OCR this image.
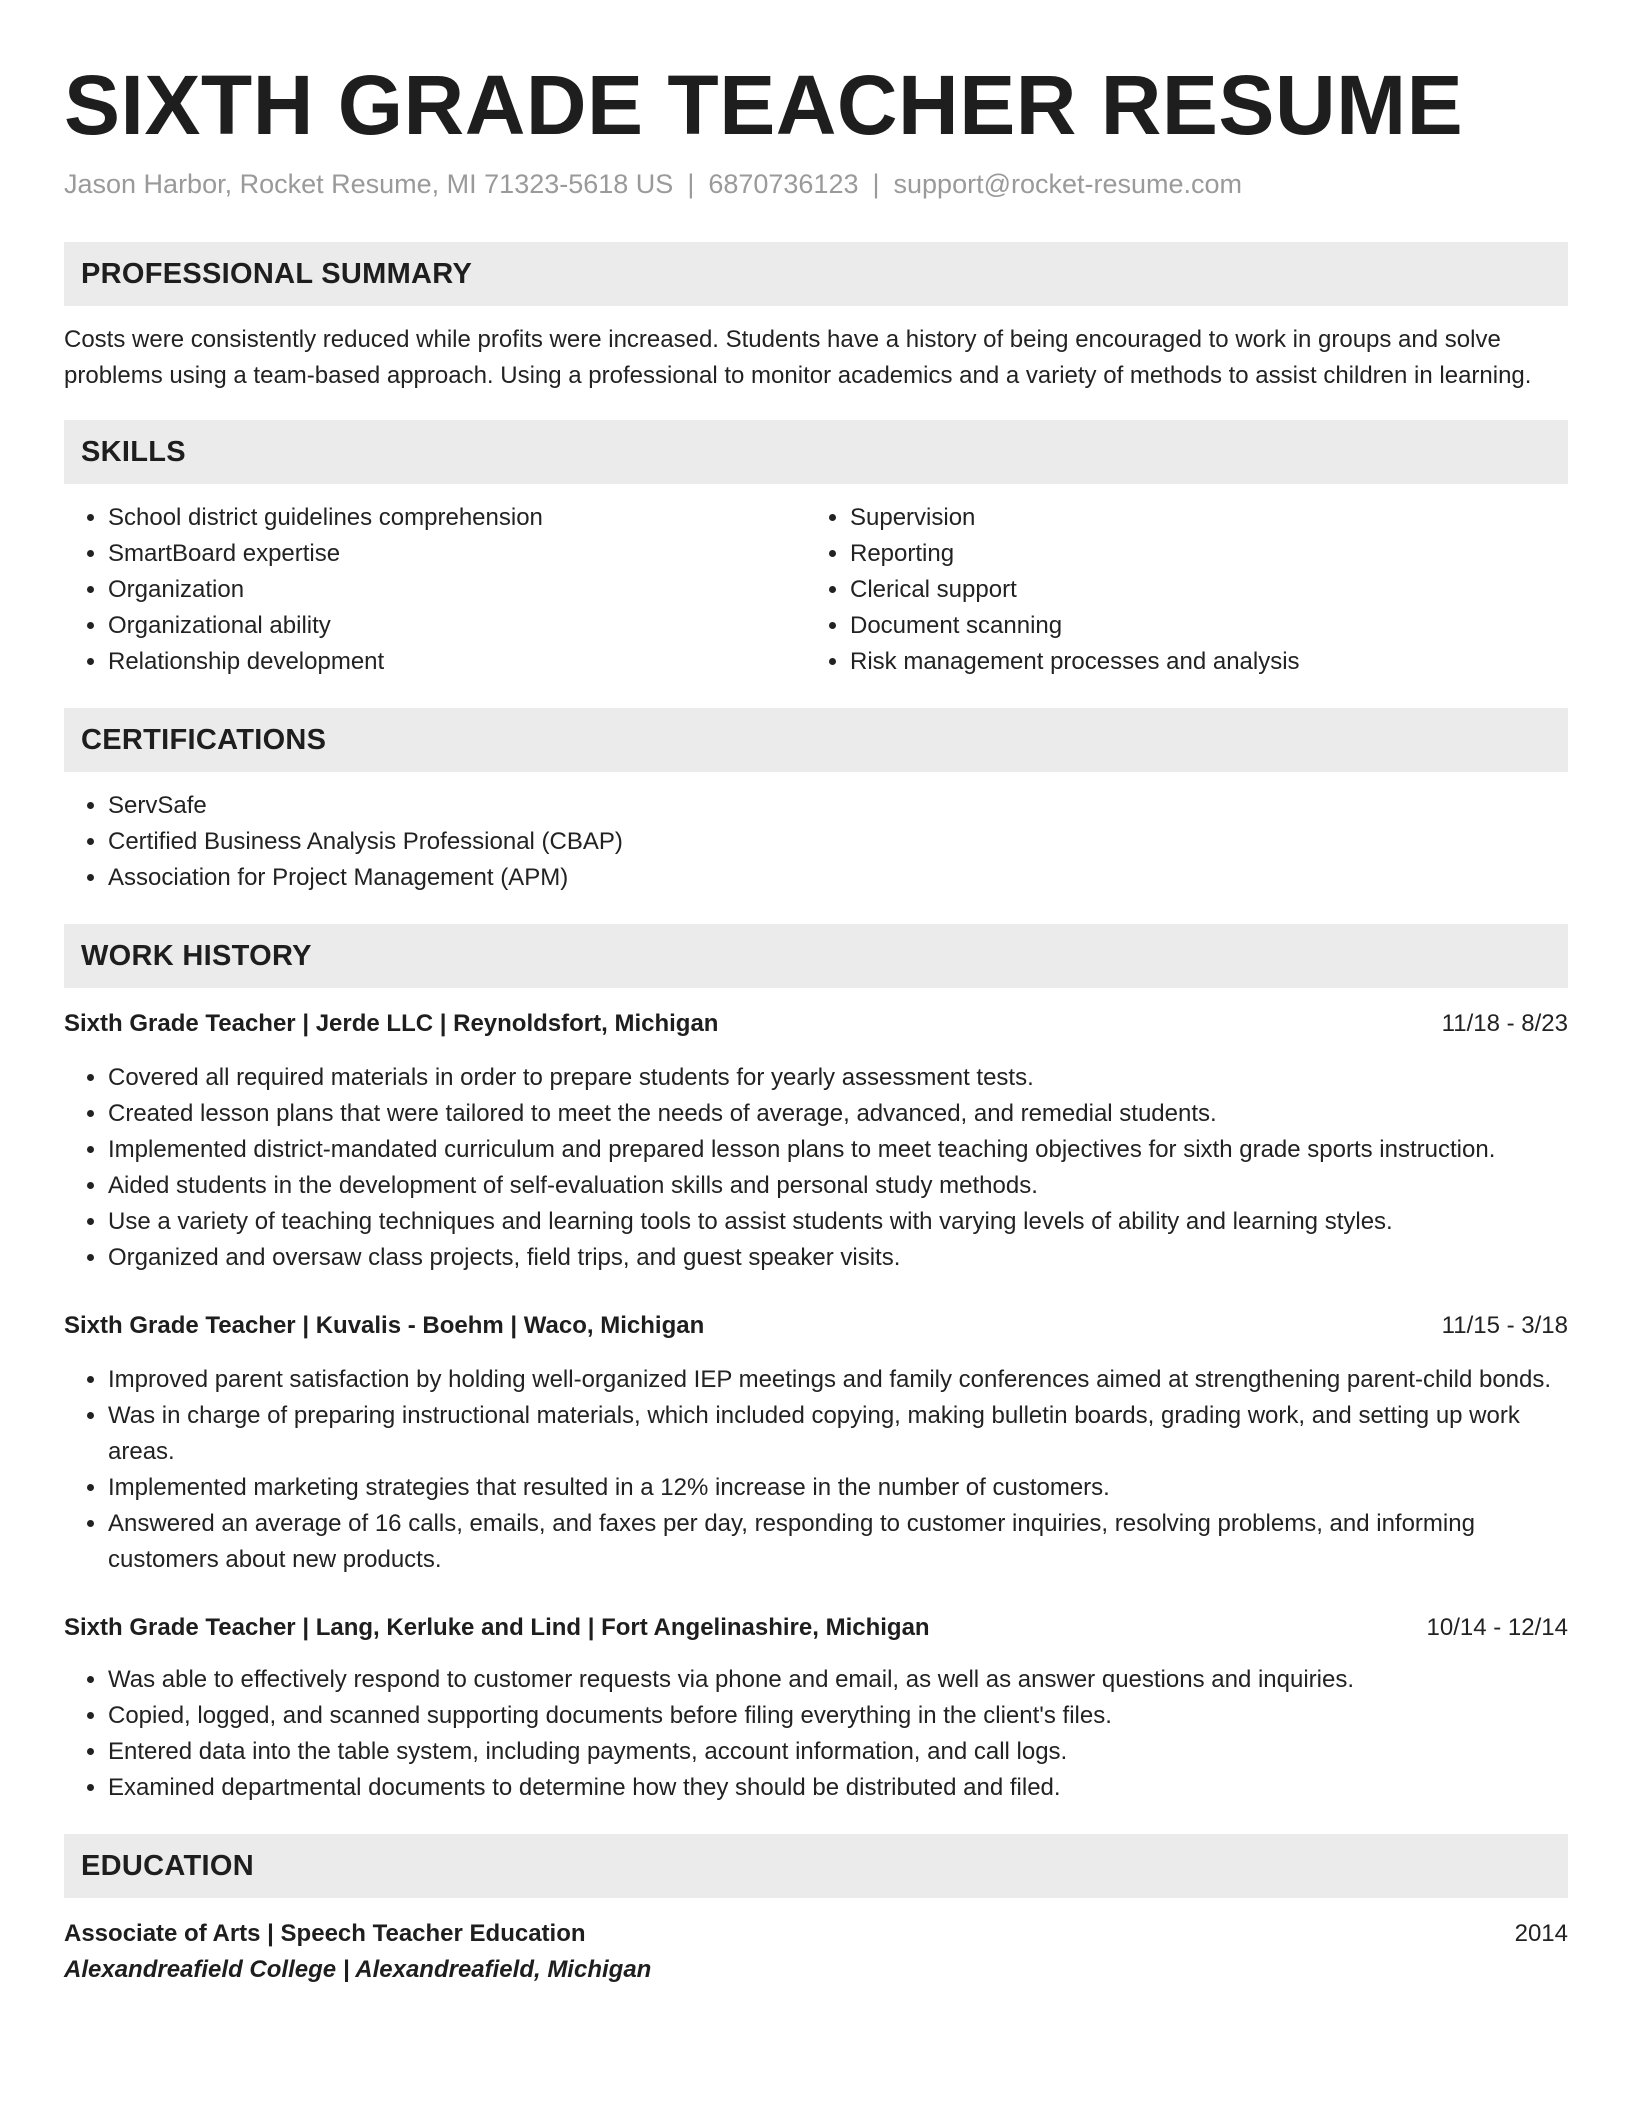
SIXTH GRADE TEACHER RESUME
Jason Harbor, Rocket Resume, MI 71323-5618 US | 6870736123 | support@rocket-resume.com
PROFESSIONAL SUMMARY
Costs were consistently reduced while profits were increased. Students have a history of being encouraged to work in groups and solve problems using a team-based approach. Using a professional to monitor academics and a variety of methods to assist children in learning.
SKILLS
• School district guidelines comprehension
• SmartBoard expertise
• Organization
• Organizational ability
• Relationship development
• Supervision
• Reporting
• Clerical support
• Document scanning
• Risk management processes and analysis
CERTIFICATIONS
• ServSafe
• Certified Business Analysis Professional (CBAP)
• Association for Project Management (APM)
WORK HISTORY
Sixth Grade Teacher | Jerde LLC | Reynoldsfort, Michigan	11/18 - 8/23
• Covered all required materials in order to prepare students for yearly assessment tests.
• Created lesson plans that were tailored to meet the needs of average, advanced, and remedial students.
• Implemented district-mandated curriculum and prepared lesson plans to meet teaching objectives for sixth grade sports instruction.
• Aided students in the development of self-evaluation skills and personal study methods.
• Use a variety of teaching techniques and learning tools to assist students with varying levels of ability and learning styles.
• Organized and oversaw class projects, field trips, and guest speaker visits.
Sixth Grade Teacher | Kuvalis - Boehm | Waco, Michigan	11/15 - 3/18
• Improved parent satisfaction by holding well-organized IEP meetings and family conferences aimed at strengthening parent-child bonds.
• Was in charge of preparing instructional materials, which included copying, making bulletin boards, grading work, and setting up work areas.
• Implemented marketing strategies that resulted in a 12% increase in the number of customers.
• Answered an average of 16 calls, emails, and faxes per day, responding to customer inquiries, resolving problems, and informing customers about new products.
Sixth Grade Teacher | Lang, Kerluke and Lind | Fort Angelinashire, Michigan	10/14 - 12/14
• Was able to effectively respond to customer requests via phone and email, as well as answer questions and inquiries.
• Copied, logged, and scanned supporting documents before filing everything in the client's files.
• Entered data into the table system, including payments, account information, and call logs.
• Examined departmental documents to determine how they should be distributed and filed.
EDUCATION
Associate of Arts | Speech Teacher Education	2014
Alexandreafield College | Alexandreafield, Michigan
